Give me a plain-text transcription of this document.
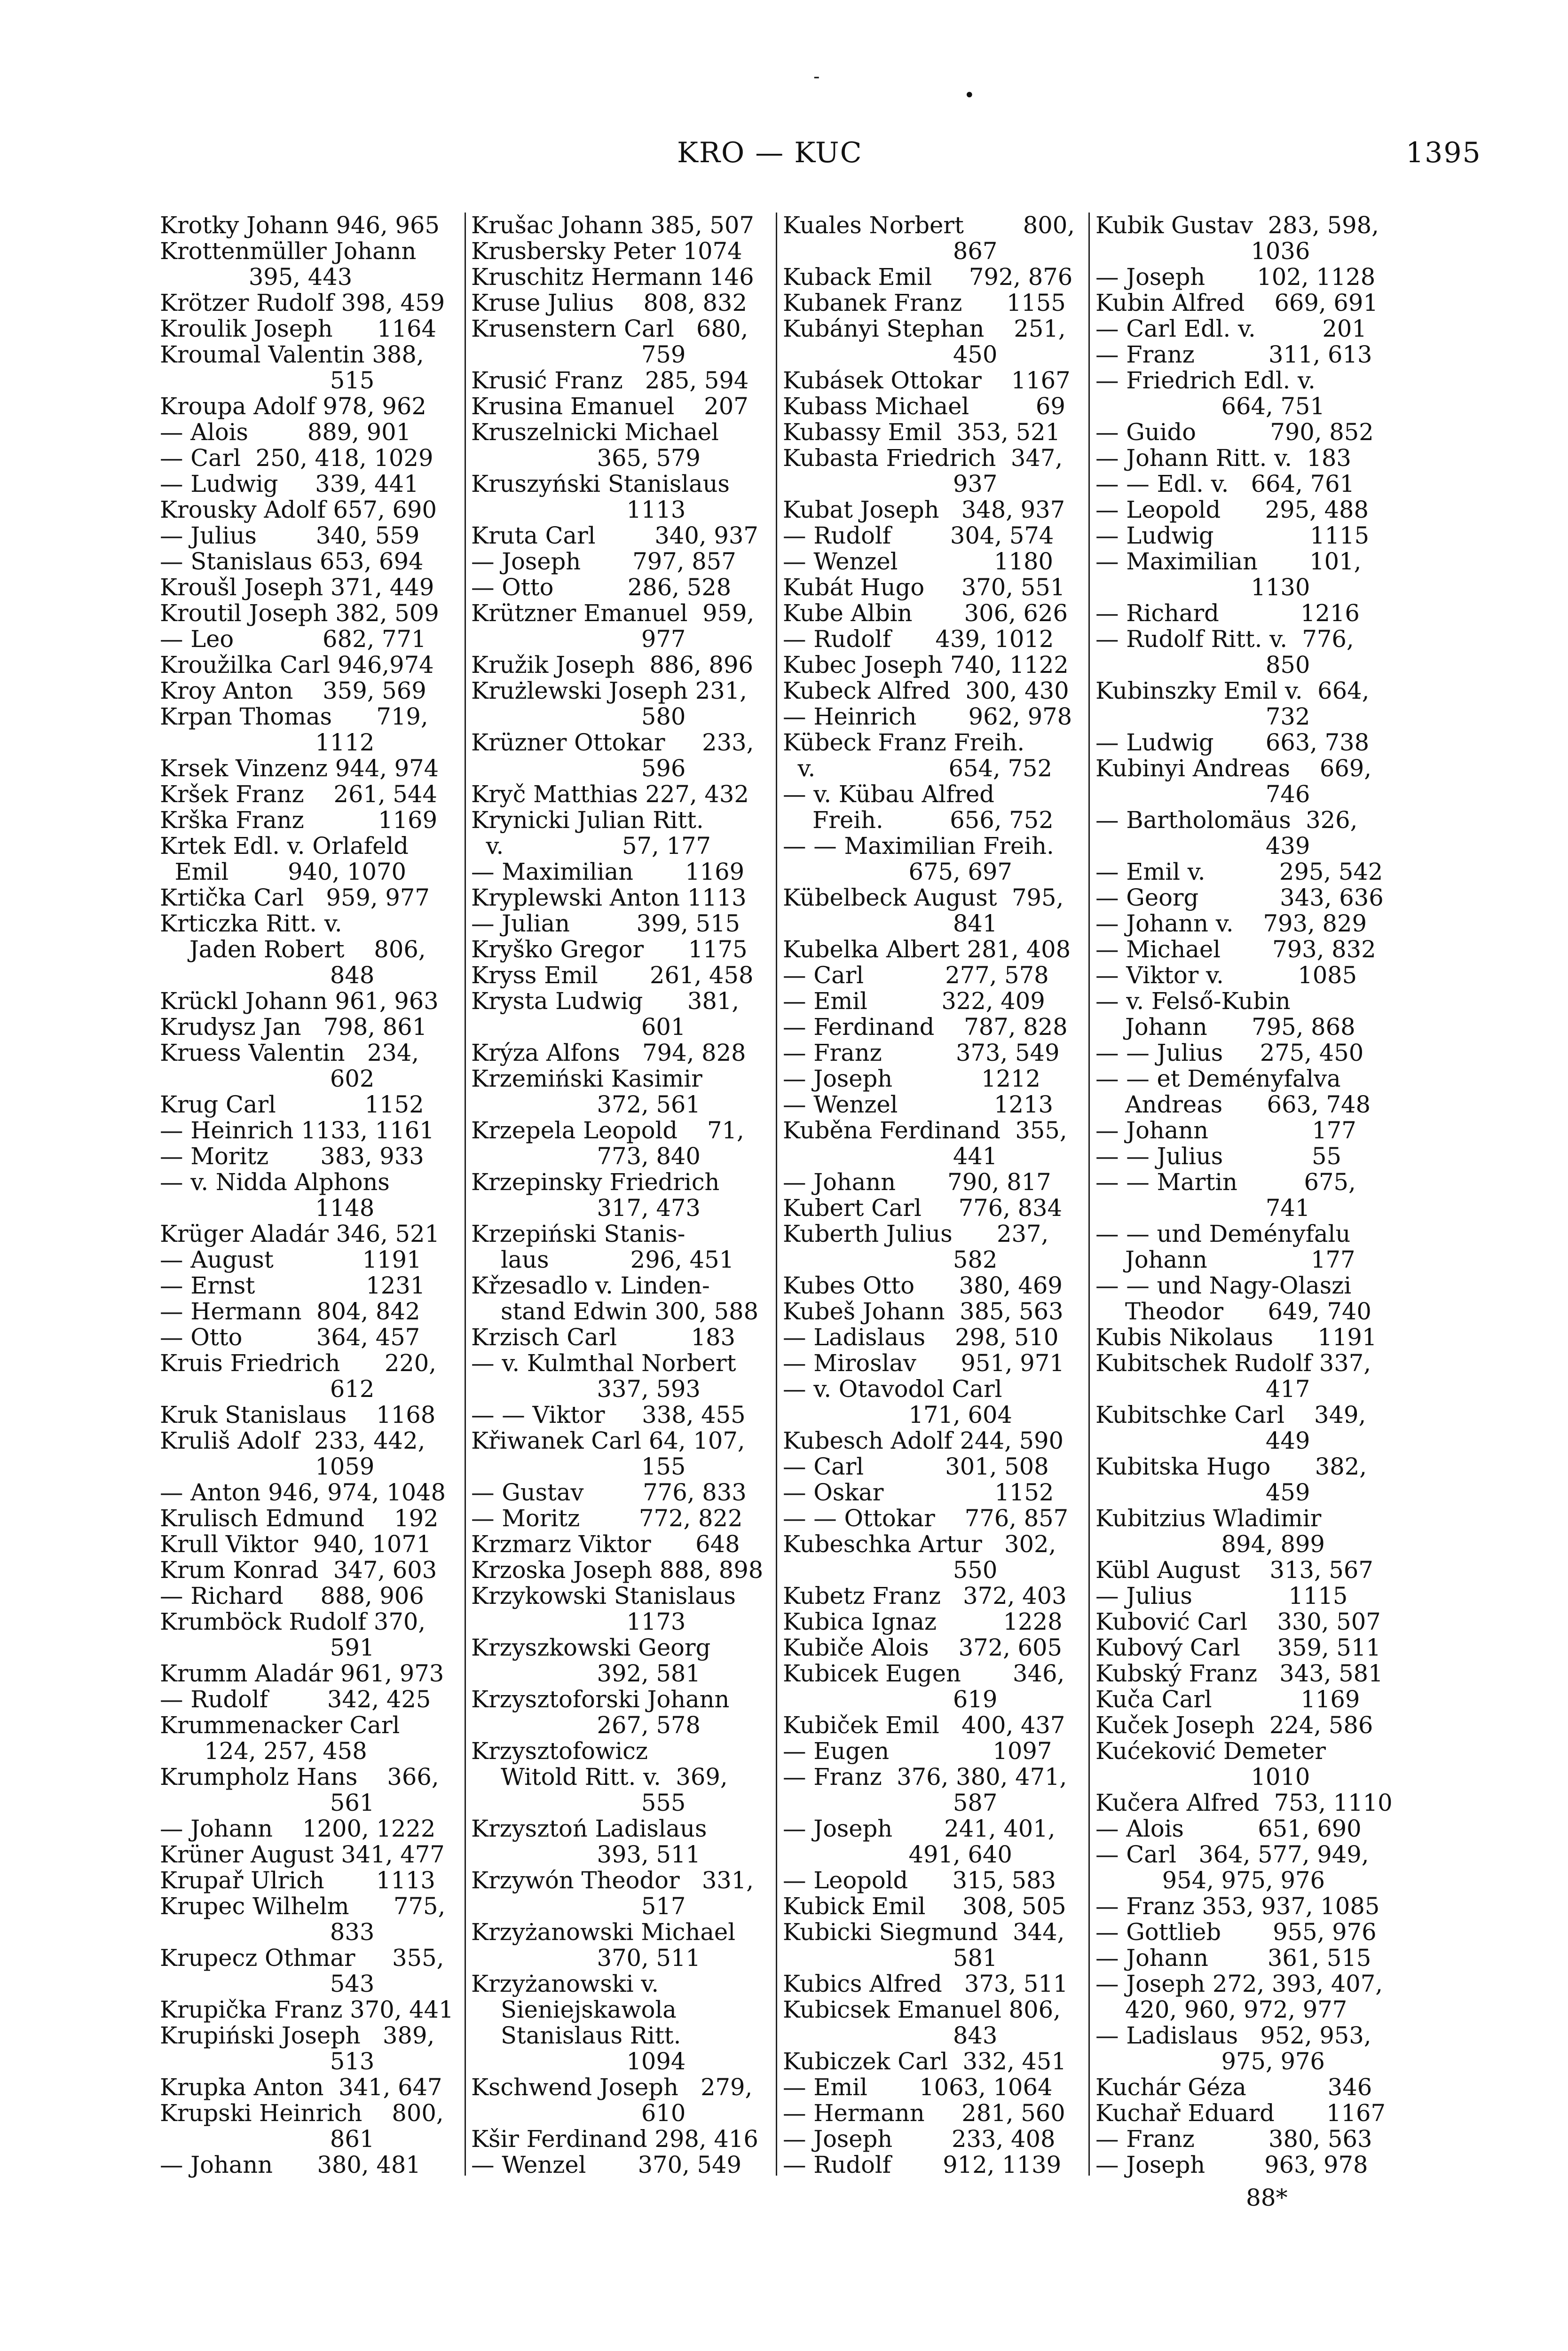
-
•
KRO — KUC	1395
Krotky Johann 946, 965
Krottenmüller Johann
395, 443
Krötzer Rudolf 398, 459
Kroulik Joseph      1164
Kroumal Valentin 388,
515
Kroupa Adolf 978, 962
— Alois        889, 901
— Carl  250, 418, 1029
— Ludwig     339, 441
Krousky Adolf 657, 690
— Julius        340, 559
— Stanislaus 653, 694
Kroušl Joseph 371, 449
Kroutil Joseph 382, 509
— Leo            682, 771
Kroužilka Carl 946,974
Kroy Anton    359, 569
Krpan Thomas      719,
1112
Krsek Vinzenz 944, 974
Kršek Franz    261, 544
Krška Franz          1169
Krtek Edl. v. Orlafeld
Emil        940, 1070
Krtička Carl   959, 977
Krticzka Ritt. v.
Jaden Robert    806,
848
Krückl Johann 961, 963
Krudysz Jan   798, 861
Kruess Valentin   234,
602
Krug Carl            1152
— Heinrich 1133, 1161
— Moritz       383, 933
— v. Nidda Alphons
1148
Krüger Aladár 346, 521
— August            1191
— Ernst               1231
— Hermann  804, 842
— Otto          364, 457
Kruis Friedrich      220,
612
Kruk Stanislaus    1168
Kruliš Adolf  233, 442,
1059
— Anton 946, 974, 1048
Krulisch Edmund    192
Krull Viktor  940, 1071
Krum Konrad  347, 603
— Richard     888, 906
Krumböck Rudolf 370,
591
Krumm Aladár 961, 973
— Rudolf        342, 425
Krummenacker Carl
124, 257, 458
Krumpholz Hans    366,
561
— Johann    1200, 1222
Krüner August 341, 477
Krupař Ulrich       1113
Krupec Wilhelm      775,
833
Krupecz Othmar     355,
543
Krupička Franz 370, 441
Krupiński Joseph   389,
513
Krupka Anton  341, 647
Krupski Heinrich    800,
861
— Johann      380, 481
Krušac Johann 385, 507
Krusbersky Peter 1074
Kruschitz Hermann 146
Kruse Julius    808, 832
Krusenstern Carl   680,
759
Krusić Franz   285, 594
Krusina Emanuel    207
Kruszelnicki Michael
365, 579
Kruszyński Stanislaus
1113
Kruta Carl        340, 937
— Joseph       797, 857
— Otto          286, 528
Krützner Emanuel  959,
977
Kružik Joseph  886, 896
Krużlewski Joseph 231,
580
Krüzner Ottokar     233,
596
Kryč Matthias 227, 432
Krynicki Julian Ritt.
v.                57, 177
— Maximilian       1169
Kryplewski Anton 1113
— Julian         399, 515
Kryško Gregor      1175
Kryss Emil       261, 458
Krysta Ludwig      381,
601
Krýza Alfons   794, 828
Krzemiński Kasimir
372, 561
Krzepela Leopold    71,
773, 840
Krzepinsky Friedrich
317, 473
Krzepiński Stanis-
laus           296, 451
Křzesadlo v. Linden-
stand Edwin 300, 588
Krzisch Carl          183
— v. Kulmthal Norbert
337, 593
— — Viktor     338, 455
Křiwanek Carl 64, 107,
155
— Gustav        776, 833
— Moritz        772, 822
Krzmarz Viktor      648
Krzoska Joseph 888, 898
Krzykowski Stanislaus
1173
Krzyszkowski Georg
392, 581
Krzysztoforski Johann
267, 578
Krzysztofowicz
Witold Ritt. v.  369,
555
Krzysztoń Ladislaus
393, 511
Krzywón Theodor   331,
517
Krzyżanowski Michael
370, 511
Krzyżanowski v.
Sieniejskawola
Stanislaus Ritt.
1094
Kschwend Joseph   279,
610
Kšir Ferdinand 298, 416
— Wenzel       370, 549
Kuales Norbert        800,
867
Kuback Emil     792, 876
Kubanek Franz      1155
Kubányi Stephan    251,
450
Kubásek Ottokar    1167
Kubass Michael         69
Kubassy Emil  353, 521
Kubasta Friedrich  347,
937
Kubat Joseph   348, 937
— Rudolf        304, 574
— Wenzel             1180
Kubát Hugo     370, 551
Kube Albin       306, 626
— Rudolf      439, 1012
Kubec Joseph 740, 1122
Kubeck Alfred  300, 430
— Heinrich       962, 978
Kübeck Franz Freih.
v.                  654, 752
— v. Kübau Alfred
Freih.         656, 752
— — Maximilian Freih.
675, 697
Kübelbeck August  795,
841
Kubelka Albert 281, 408
— Carl           277, 578
— Emil          322, 409
— Ferdinand    787, 828
— Franz          373, 549
— Joseph            1212
— Wenzel             1213
Kuběna Ferdinand  355,
441
— Johann       790, 817
Kubert Carl     776, 834
Kuberth Julius      237,
582
Kubes Otto      380, 469
Kubeš Johann  385, 563
— Ladislaus    298, 510
— Miroslav      951, 971
— v. Otavodol Carl
171, 604
Kubesch Adolf 244, 590
— Carl           301, 508
— Oskar               1152
— — Ottokar    776, 857
Kubeschka Artur   302,
550
Kubetz Franz   372, 403
Kubica Ignaz         1228
Kubiče Alois    372, 605
Kubicek Eugen       346,
619
Kubiček Emil   400, 437
— Eugen              1097
— Franz  376, 380, 471,
587
— Joseph       241, 401,
491, 640
— Leopold      315, 583
Kubick Emil     308, 505
Kubicki Siegmund  344,
581
Kubics Alfred   373, 511
Kubicsek Emanuel 806,
843
Kubiczek Carl  332, 451
— Emil       1063, 1064
— Hermann     281, 560
— Joseph        233, 408
— Rudolf       912, 1139
Kubik Gustav  283, 598,
1036
— Joseph       102, 1128
Kubin Alfred    669, 691
— Carl Edl. v.         201
— Franz          311, 613
— Friedrich Edl. v.
664, 751
— Guido          790, 852
— Johann Ritt. v.  183
— — Edl. v.   664, 761
— Leopold      295, 488
— Ludwig             1115
— Maximilian       101,
1130
— Richard           1216
— Rudolf Ritt. v.  776,
850
Kubinszky Emil v.  664,
732
— Ludwig       663, 738
Kubinyi Andreas    669,
746
— Bartholomäus  326,
439
— Emil v.          295, 542
— Georg           343, 636
— Johann v.    793, 829
— Michael       793, 832
— Viktor v.          1085
— v. Felső-Kubin
Johann      795, 868
— — Julius     275, 450
— — et Deményfalva
Andreas      663, 748
— Johann              177
— — Julius            55
— — Martin         675,
741
— — und Deményfalu
Johann              177
— — und Nagy-Olaszi
Theodor      649, 740
Kubis Nikolaus      1191
Kubitschek Rudolf 337,
417
Kubitschke Carl    349,
449
Kubitska Hugo      382,
459
Kubitzius Wladimir
894, 899
Kübl August    313, 567
— Julius             1115
Kubović Carl    330, 507
Kubový Carl     359, 511
Kubský Franz   343, 581
Kuča Carl            1169
Kuček Joseph  224, 586
Kućeković Demeter
1010
Kučera Alfred  753, 1110
— Alois          651, 690
— Carl   364, 577, 949,
954, 975, 976
— Franz 353, 937, 1085
— Gottlieb       955, 976
— Johann        361, 515
— Joseph 272, 393, 407,
420, 960, 972, 977
— Ladislaus   952, 953,
975, 976
Kuchár Géza           346
Kuchař Eduard       1167
— Franz          380, 563
— Joseph        963, 978
88*
